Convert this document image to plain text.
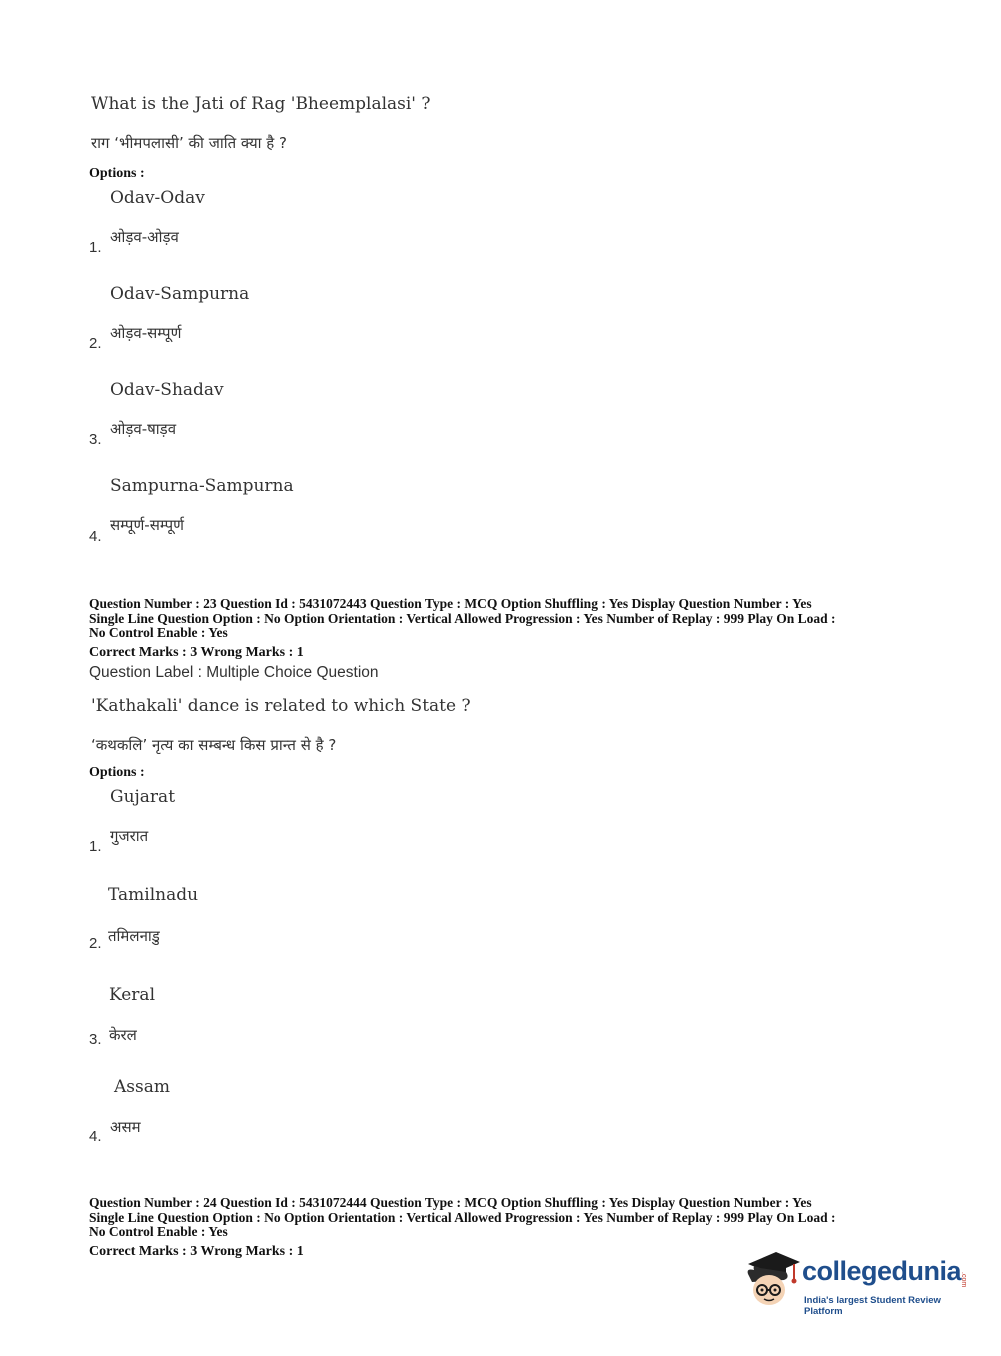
What is the Jati of Rag 'Bheemplalasi' ?
राग ‘भीमपलासी’ की जाति क्या है ?
Options :
Odav-Odav
ओड़व-ओड़व
1.
Odav-Sampurna
ओड़व-सम्पूर्ण
2.
Odav-Shadav
ओड़व-षाड़व
3.
Sampurna-Sampurna
सम्पूर्ण-सम्पूर्ण
4.
Question Number : 23 Question Id : 5431072443 Question Type : MCQ Option Shuffling : Yes Display Question Number : Yes
Single Line Question Option : No Option Orientation : Vertical Allowed Progression : Yes Number of Replay : 999 Play On Load :
No Control Enable : Yes
Correct Marks : 3 Wrong Marks : 1
Question Label : Multiple Choice Question
'Kathakali' dance is related to which State ?
‘कथकलि’ नृत्य का सम्बन्ध किस प्रान्त से है ?
Options :
Gujarat
गुजरात
1.
Tamilnadu
तमिलनाडु
2.
Keral
केरल
3.
Assam
असम
4.
Question Number : 24 Question Id : 5431072444 Question Type : MCQ Option Shuffling : Yes Display Question Number : Yes
Single Line Question Option : No Option Orientation : Vertical Allowed Progression : Yes Number of Replay : 999 Play On Load :
No Control Enable : Yes
Correct Marks : 3 Wrong Marks : 1
collegedunia
.com
India's largest Student Review Platform
